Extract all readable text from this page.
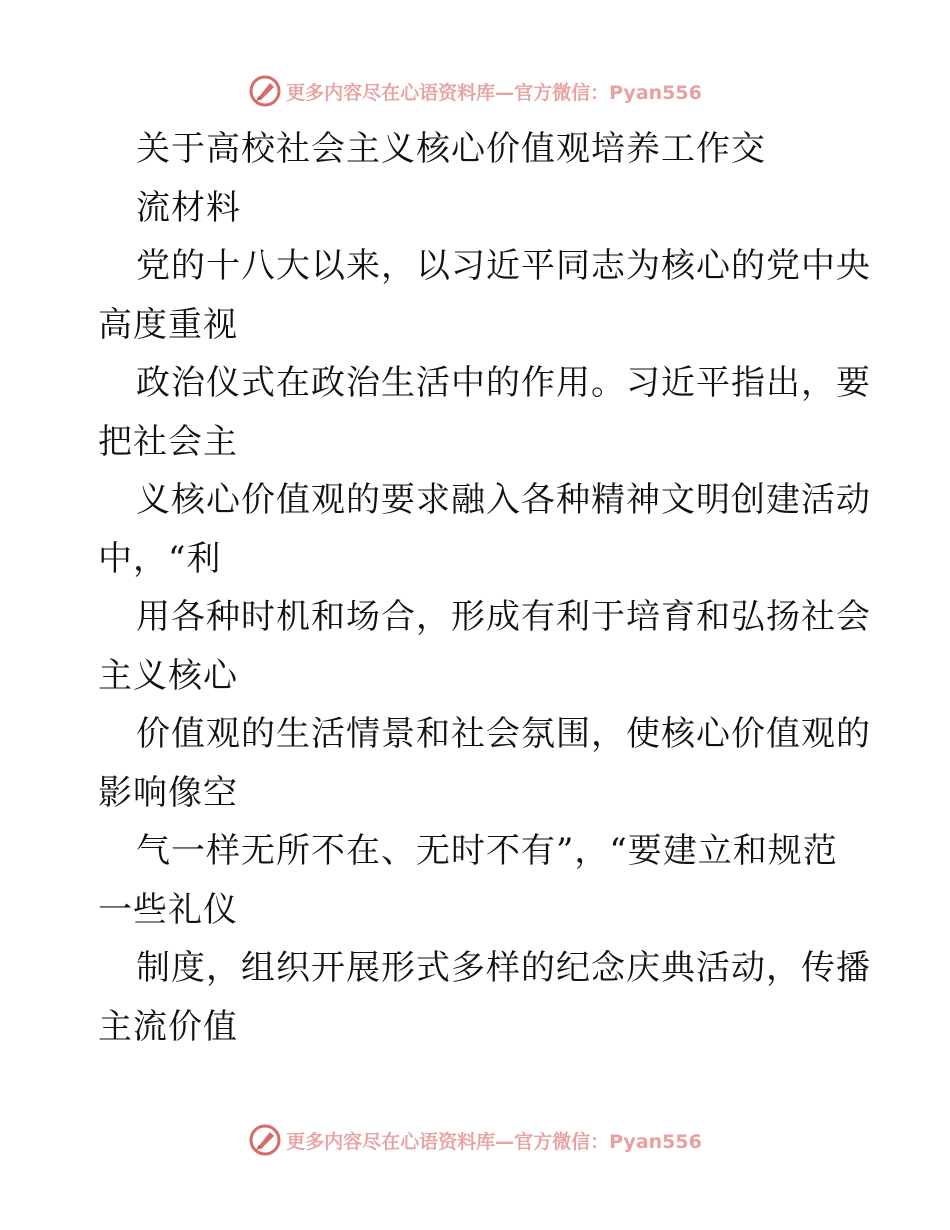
更多内容尽在心语资料库—官方微信：Pyan556
关于高校社会主义核心价值观培养工作交
流材料
党的十八大以来，以习近平同志为核心的党中央
高度重视
政治仪式在政治生活中的作用。习近平指出，要
把社会主
义核心价值观的要求融入各种精神文明创建活动
中，“利
用各种时机和场合，形成有利于培育和弘扬社会
主义核心
价值观的生活情景和社会氛围，使核心价值观的
影响像空
气一样无所不在、无时不有”，“要建立和规范
一些礼仪
制度，组织开展形式多样的纪念庆典活动，传播
主流价值
更多内容尽在心语资料库—官方微信：Pyan556
